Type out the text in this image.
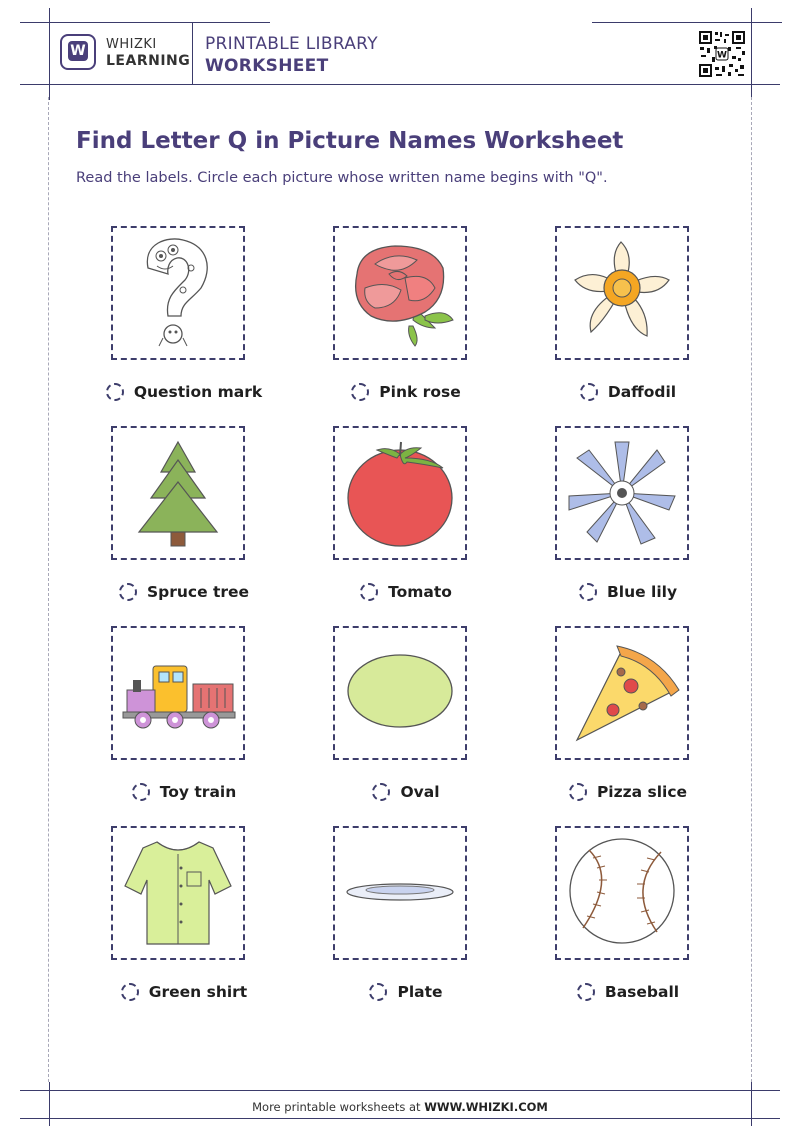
W WHIZKI
LEARNING
PRINTABLE LIBRARY
WORKSHEET
W
Find Letter Q in Picture Names Worksheet
Read the labels. Circle each picture whose written name begins with "Q".
Question mark	Pink rose	Daffodil
Spruce tree	Tomato	Blue lily
Toy train	Oval	Pizza slice
Green shirt	Plate	Baseball
More printable worksheets at WWW.WHIZKI.COM
